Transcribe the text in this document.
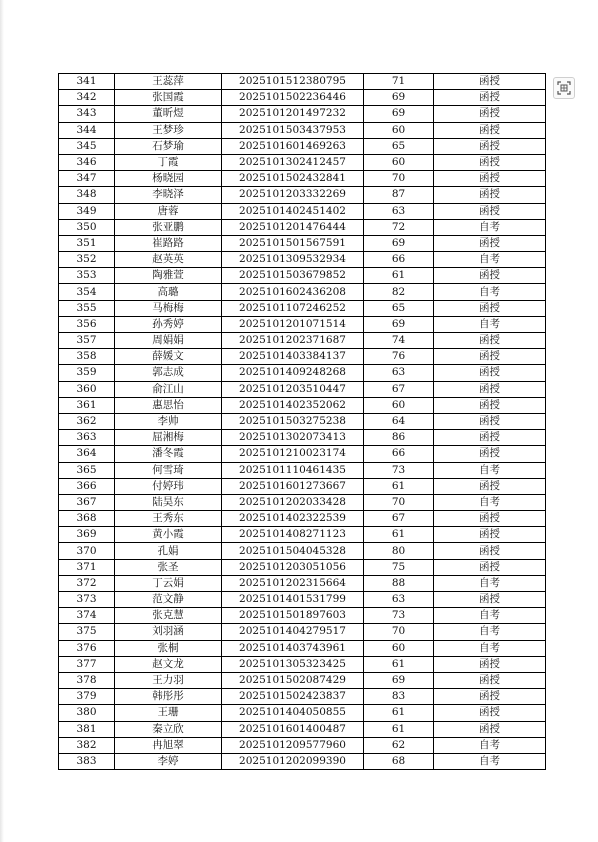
341	王蕊萍	2025101512380795	71	函授
342	张国霞	2025101502236446	69	函授
343	董昕煜	2025101201497232	69	函授
344	王梦珍	2025101503437953	60	函授
345	石梦瑜	2025101601469263	65	函授
346	丁霞	2025101302412457	60	函授
347	杨晓园	2025101502432841	70	函授
348	李晓泽	2025101203332269	87	函授
349	唐蓉	2025101402451402	63	函授
350	张亚鹏	2025101201476444	72	自考
351	崔路路	2025101501567591	69	函授
352	赵英英	2025101309532934	66	自考
353	陶雅萱	2025101503679852	61	函授
354	高璐	2025101602436208	82	自考
355	马梅梅	2025101107246252	65	函授
356	孙秀婷	2025101201071514	69	自考
357	周娟娟	2025101202371687	74	函授
358	薛媛文	2025101403384137	76	函授
359	郭志成	2025101409248268	63	函授
360	俞江山	2025101203510447	67	函授
361	惠思怡	2025101402352062	60	函授
362	李帅	2025101503275238	64	函授
363	屈湘梅	2025101302073413	86	函授
364	潘冬霞	2025101210023174	66	函授
365	何雪琦	2025101110461435	73	自考
366	付婷玮	2025101601273667	61	函授
367	陆昊东	2025101202033428	70	自考
368	王秀东	2025101402322539	67	函授
369	黄小霞	2025101408271123	61	函授
370	孔娟	2025101504045328	80	函授
371	张圣	2025101203051056	75	函授
372	丁云娟	2025101202315664	88	自考
373	范文静	2025101401531799	63	函授
374	张克慧	2025101501897603	73	自考
375	刘羽涵	2025101404279517	70	自考
376	张桐	2025101403743961	60	自考
377	赵文龙	2025101305323425	61	函授
378	王力羽	2025101502087429	69	函授
379	韩彤彤	2025101502423837	83	函授
380	王珊	2025101404050855	61	函授
381	秦立欣	2025101601400487	61	函授
382	冉旭翠	2025101209577960	62	自考
383	李婷	2025101202099390	68	自考
